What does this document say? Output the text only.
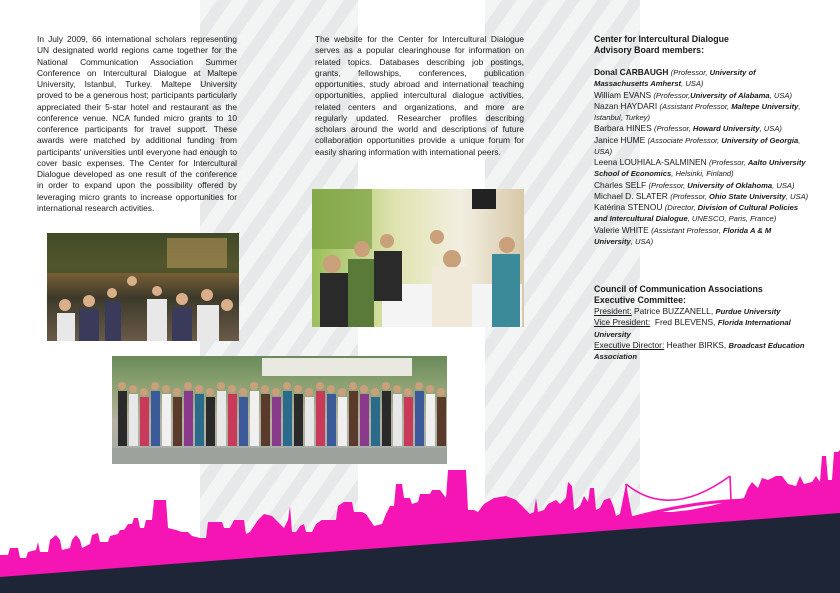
In July 2009, 66 international scholars representing UN designated world regions came together for the National Communication Association Summer Conference on Intercultural Dialogue at Maltepe University, Istanbul, Turkey. Maltepe University proved to be a generous host; participants particularly appreciated their 5-star hotel and restaurant as the conference venue. NCA funded micro grants to 10 conference participants for travel support. These awards were matched by additional funding from participants' universities until everyone had enough to cover basic expenses. The Center for Intercultural Dialogue developed as one result of the conference in order to expand upon the possibility offered by leveraging micro grants to increase opportunities for international research activities.

The website for the Center for Intercultural Dialogue serves as a popular clearinghouse for information on related topics. Databases describing job postings, grants, fellowships, conferences, publication opportunities, study abroad and international teaching opportunities, applied intercultural dialogue activities, related centers and organizations, and more are regularly updated. Researcher profiles describing scholars around the world and descriptions of future collaboration opportunities provide a unique forum for easily sharing information with international peers.

Center for Intercultural Dialogue
Advisory Board members:

Donal CARBAUGH (Professor, University of Massachusetts Amherst, USA)

William EVANS (Professor,University of Alabama, USA)

Nazan HAYDARI (Assistant Professor, Maltepe University, Istanbul, Turkey)

Barbara HINES (Professor, Howard University, USA)

Janice HUME (Associate Professor, University of Georgia, USA)

Leena LOUHIALA-SALMINEN (Professor, Aalto University School of Economics, Helsinki, Finland)

Charles SELF (Professor, University of Oklahoma, USA)

Michael D. SLATER (Professor, Ohio State University, USA)

Katérina STENOU (Director, Division of Cultural Policies and Intercultural Dialogue, UNESCO, Paris, France)

Valerie WHITE (Assistant Professor, Florida A & M University, USA)

Council of Communication Associations
Executive Committee:

President: Patrice BUZZANELL, Purdue University

Vice President:  Fred BLEVENS, Florida International University

Executive Director: Heather BIRKS, Broadcast Education Association
